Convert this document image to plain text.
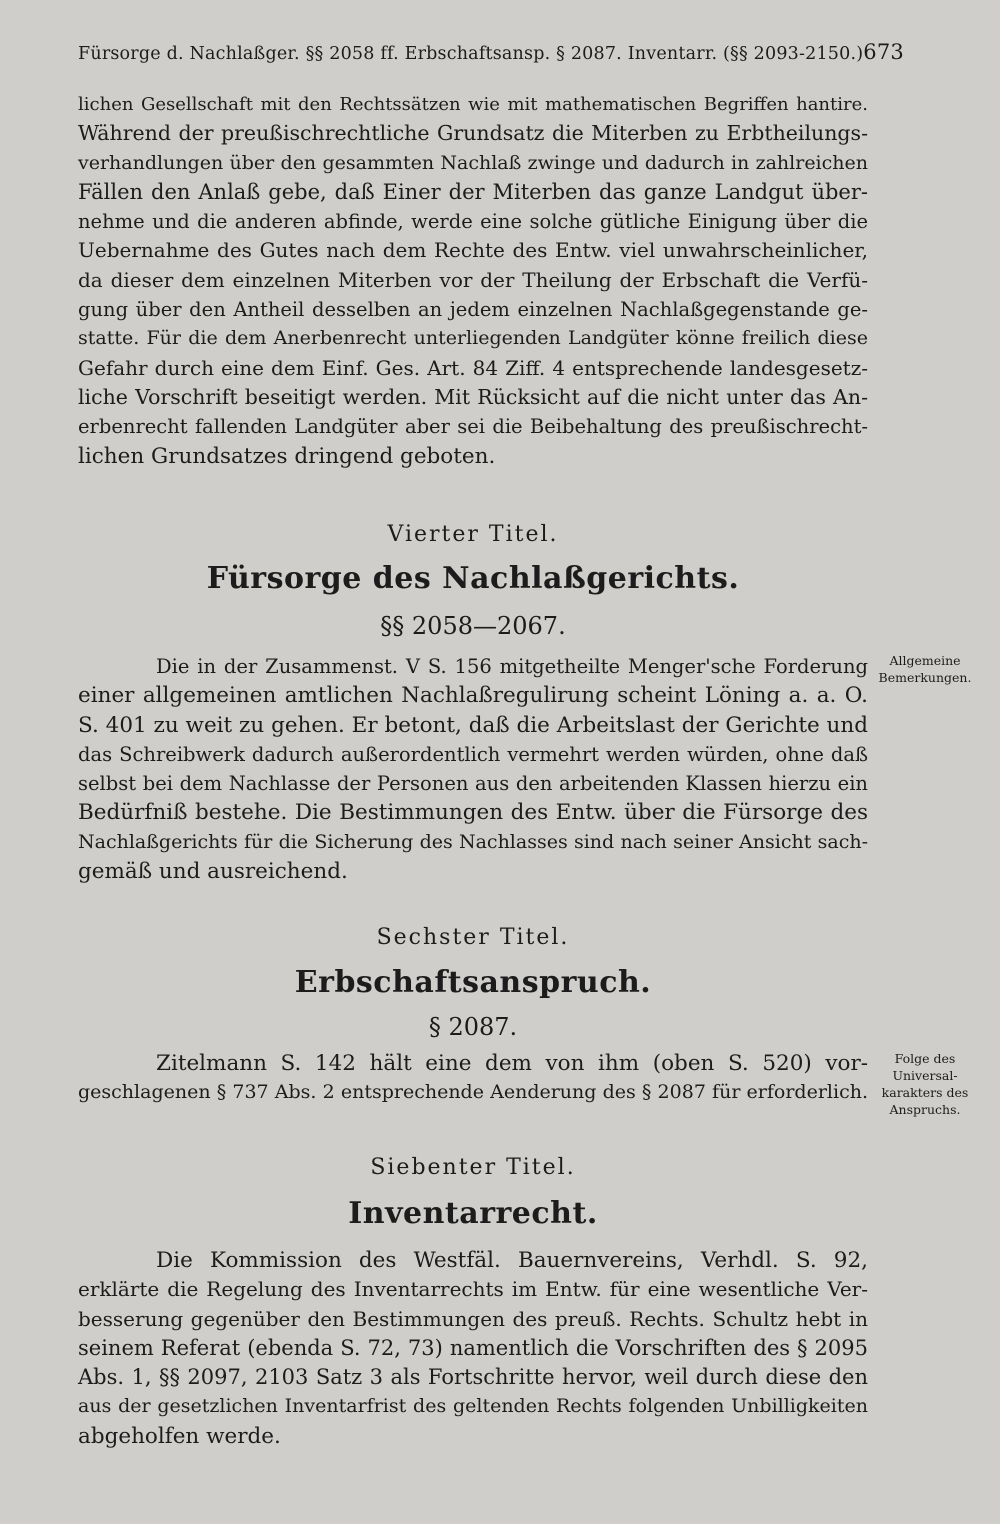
Fürsorge d. Nachlaßger. §§ 2058 ff. Erbschaftsansp. § 2087. Inventarr. (§§ 2093-2150.) 673
lichen Gesellschaft mit den Rechtssätzen wie mit mathematischen Begriffen hantire.
Während der preußischrechtliche Grundsatz die Miterben zu Erbtheilungs-
verhandlungen über den gesammten Nachlaß zwinge und dadurch in zahlreichen
Fällen den Anlaß gebe, daß Einer der Miterben das ganze Landgut über-
nehme und die anderen abfinde, werde eine solche gütliche Einigung über die
Uebernahme des Gutes nach dem Rechte des Entw. viel unwahrscheinlicher,
da dieser dem einzelnen Miterben vor der Theilung der Erbschaft die Verfü-
gung über den Antheil desselben an jedem einzelnen Nachlaßgegenstande ge-
statte. Für die dem Anerbenrecht unterliegenden Landgüter könne freilich diese
Gefahr durch eine dem Einf. Ges. Art. 84 Ziff. 4 entsprechende landesgesetz-
liche Vorschrift beseitigt werden. Mit Rücksicht auf die nicht unter das An-
erbenrecht fallenden Landgüter aber sei die Beibehaltung des preußischrecht-
lichen Grundsatzes dringend geboten.
Vierter Titel.
Fürsorge des Nachlaßgerichts.
§§ 2058—2067.
Allgemeine
Bemerkungen.
Die in der Zusammenst. V S. 156 mitgetheilte Menger'sche Forderung
einer allgemeinen amtlichen Nachlaßregulirung scheint Löning a. a. O.
S. 401 zu weit zu gehen. Er betont, daß die Arbeitslast der Gerichte und
das Schreibwerk dadurch außerordentlich vermehrt werden würden, ohne daß
selbst bei dem Nachlasse der Personen aus den arbeitenden Klassen hierzu ein
Bedürfniß bestehe. Die Bestimmungen des Entw. über die Fürsorge des
Nachlaßgerichts für die Sicherung des Nachlasses sind nach seiner Ansicht sach-
gemäß und ausreichend.
Sechster Titel.
Erbschaftsanspruch.
§ 2087.
Folge des
Universal-
karakters des
Anspruchs.
Zitelmann S. 142 hält eine dem von ihm (oben S. 520) vor-
geschlagenen § 737 Abs. 2 entsprechende Aenderung des § 2087 für erforderlich.
Siebenter Titel.
Inventarrecht.
Die Kommission des Westfäl. Bauernvereins, Verhdl. S. 92,
erklärte die Regelung des Inventarrechts im Entw. für eine wesentliche Ver-
besserung gegenüber den Bestimmungen des preuß. Rechts. Schultz hebt in
seinem Referat (ebenda S. 72, 73) namentlich die Vorschriften des § 2095
Abs. 1, §§ 2097, 2103 Satz 3 als Fortschritte hervor, weil durch diese den
aus der gesetzlichen Inventarfrist des geltenden Rechts folgenden Unbilligkeiten
abgeholfen werde.
